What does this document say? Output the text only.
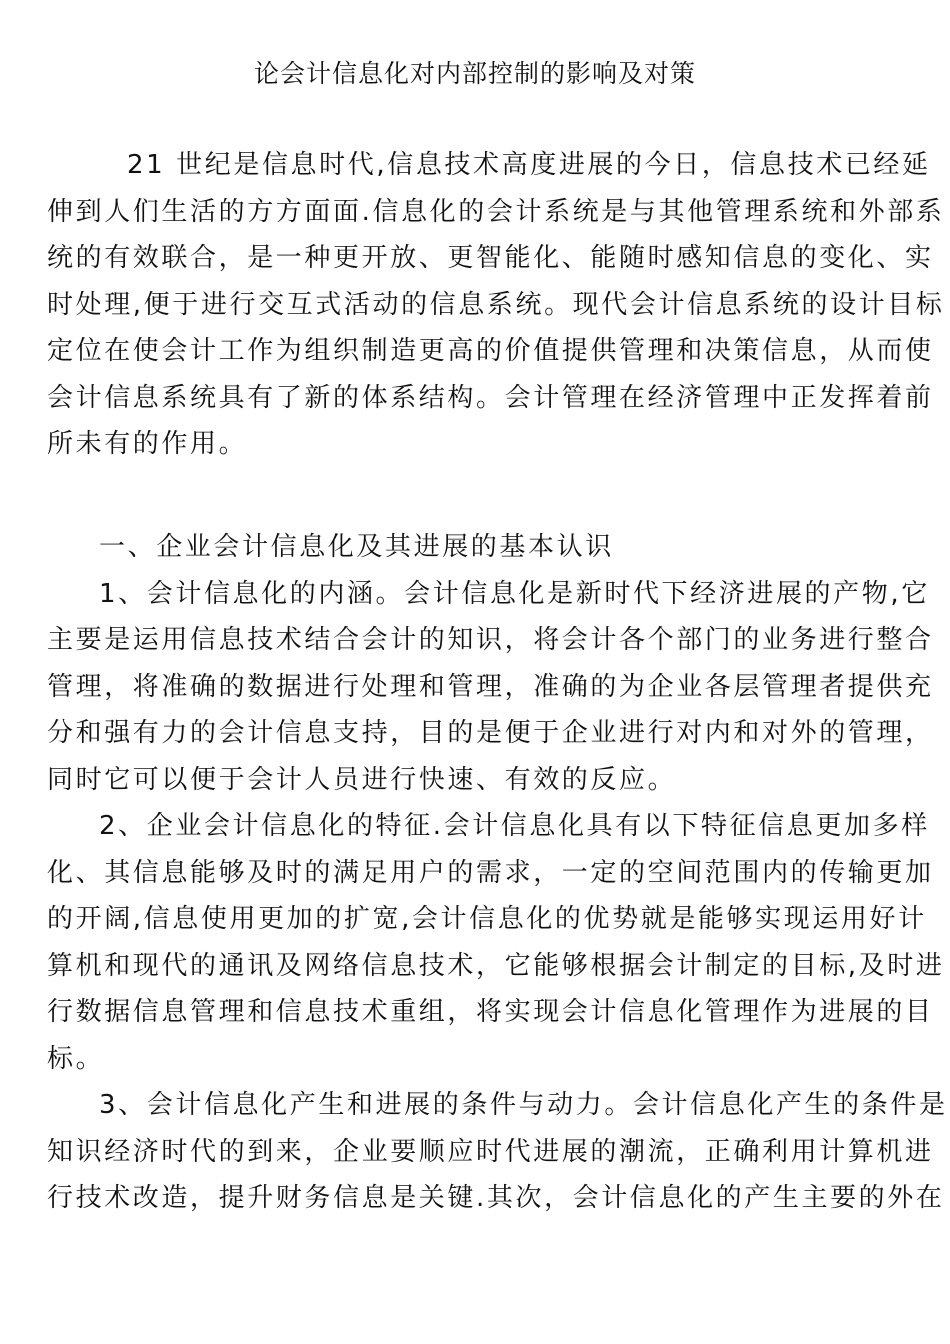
论会计信息化对内部控制的影响及对策
21 世纪是信息时代,信息技术高度进展的今日，信息技术已经延
伸到人们生活的方方面面.信息化的会计系统是与其他管理系统和外部系
统的有效联合，是一种更开放、更智能化、能随时感知信息的变化、实
时处理,便于进行交互式活动的信息系统。现代会计信息系统的设计目标
定位在使会计工作为组织制造更高的价值提供管理和决策信息，从而使
会计信息系统具有了新的体系结构。会计管理在经济管理中正发挥着前
所未有的作用。
一、企业会计信息化及其进展的基本认识
1、会计信息化的内涵。会计信息化是新时代下经济进展的产物,它
主要是运用信息技术结合会计的知识，将会计各个部门的业务进行整合
管理，将准确的数据进行处理和管理，准确的为企业各层管理者提供充
分和强有力的会计信息支持，目的是便于企业进行对内和对外的管理，
同时它可以便于会计人员进行快速、有效的反应。
2、企业会计信息化的特征.会计信息化具有以下特征信息更加多样
化、其信息能够及时的满足用户的需求，一定的空间范围内的传输更加
的开阔,信息使用更加的扩宽,会计信息化的优势就是能够实现运用好计
算机和现代的通讯及网络信息技术，它能够根据会计制定的目标,及时进
行数据信息管理和信息技术重组，将实现会计信息化管理作为进展的目
标。
3、会计信息化产生和进展的条件与动力。会计信息化产生的条件是
知识经济时代的到来，企业要顺应时代进展的潮流，正确利用计算机进
行技术改造，提升财务信息是关键.其次，会计信息化的产生主要的外在
